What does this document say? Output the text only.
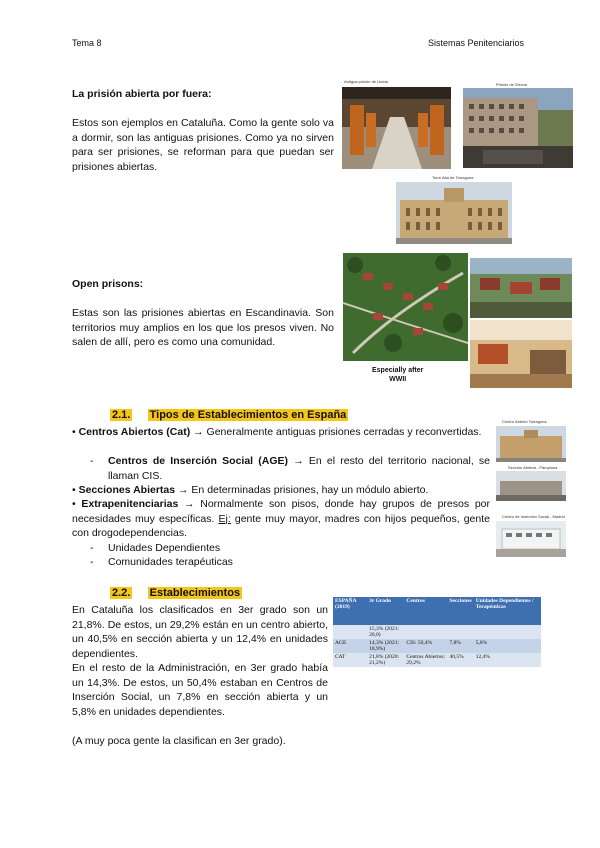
Tema 8	Sistemas Penitenciarios
La prisión abierta por fuera:
Estos son ejemplos en Cataluña. Como la gente solo va a dormir, son las antiguas prisiones. Como ya no sirven para ser prisiones, se reforman para que puedan ser prisiones abiertas.
Antigua prisión de Lleida
Prisión de Girona
Torre Alta de Tarragona
Open prisons:
Estas son las prisiones abiertas en Escandinavia. Son territorios muy amplios en los que los presos viven. No salen de allí, pero es como una comunidad.
Especially after
WWII
2.1. Tipos de Establecimientos en España
• Centros Abiertos (Cat) → Generalmente antiguas prisiones cerradas y reconvertidas.
- Centros de Inserción Social (AGE) → En el resto del territorio nacional, se llaman CIS.
• Secciones Abiertas → En determinadas prisiones, hay un módulo abierto.
• Extrapenitenciarias → Normalmente son pisos, donde hay grupos de presos por necesidades muy específicas. Ej: gente muy mayor, madres con hijos pequeños, gente con drogodependencias.
- Unidades Dependientes
- Comunidades terapéuticas
Centro Abierto Tarragona
Sección Abierta - Pamplona
Centro de Inserción Social - Madrid
2.2. Establecimientos
En Cataluña los clasificados en 3er grado son un 21,8%. De estos, un 29,2% están en un centro abierto, un 40,5% en sección abierta y un 12,4% en unidades dependientes.
En el resto de la Administración, en 3er grado había un 14,3%. De estos, un 50,4% estaban en Centros de Inserción Social, un 7,8% en sección abierta y un 5,8% en unidades dependientes.
(A muy poca gente la clasifican en 3er grado).
ESPAÑA (2019)	3r Grado	Centros	Secciones	Unidades Dependientes / Terapéuticas
	15,3% (2021: 20,0)			
AGE	14,3% (2021: 18,9%)	CIS: 50,4%	7,8%	5,8%
CAT	21,8% (2020: 21,2%)	Centros Abiertos: 29,2%	40,5%	12,4%
